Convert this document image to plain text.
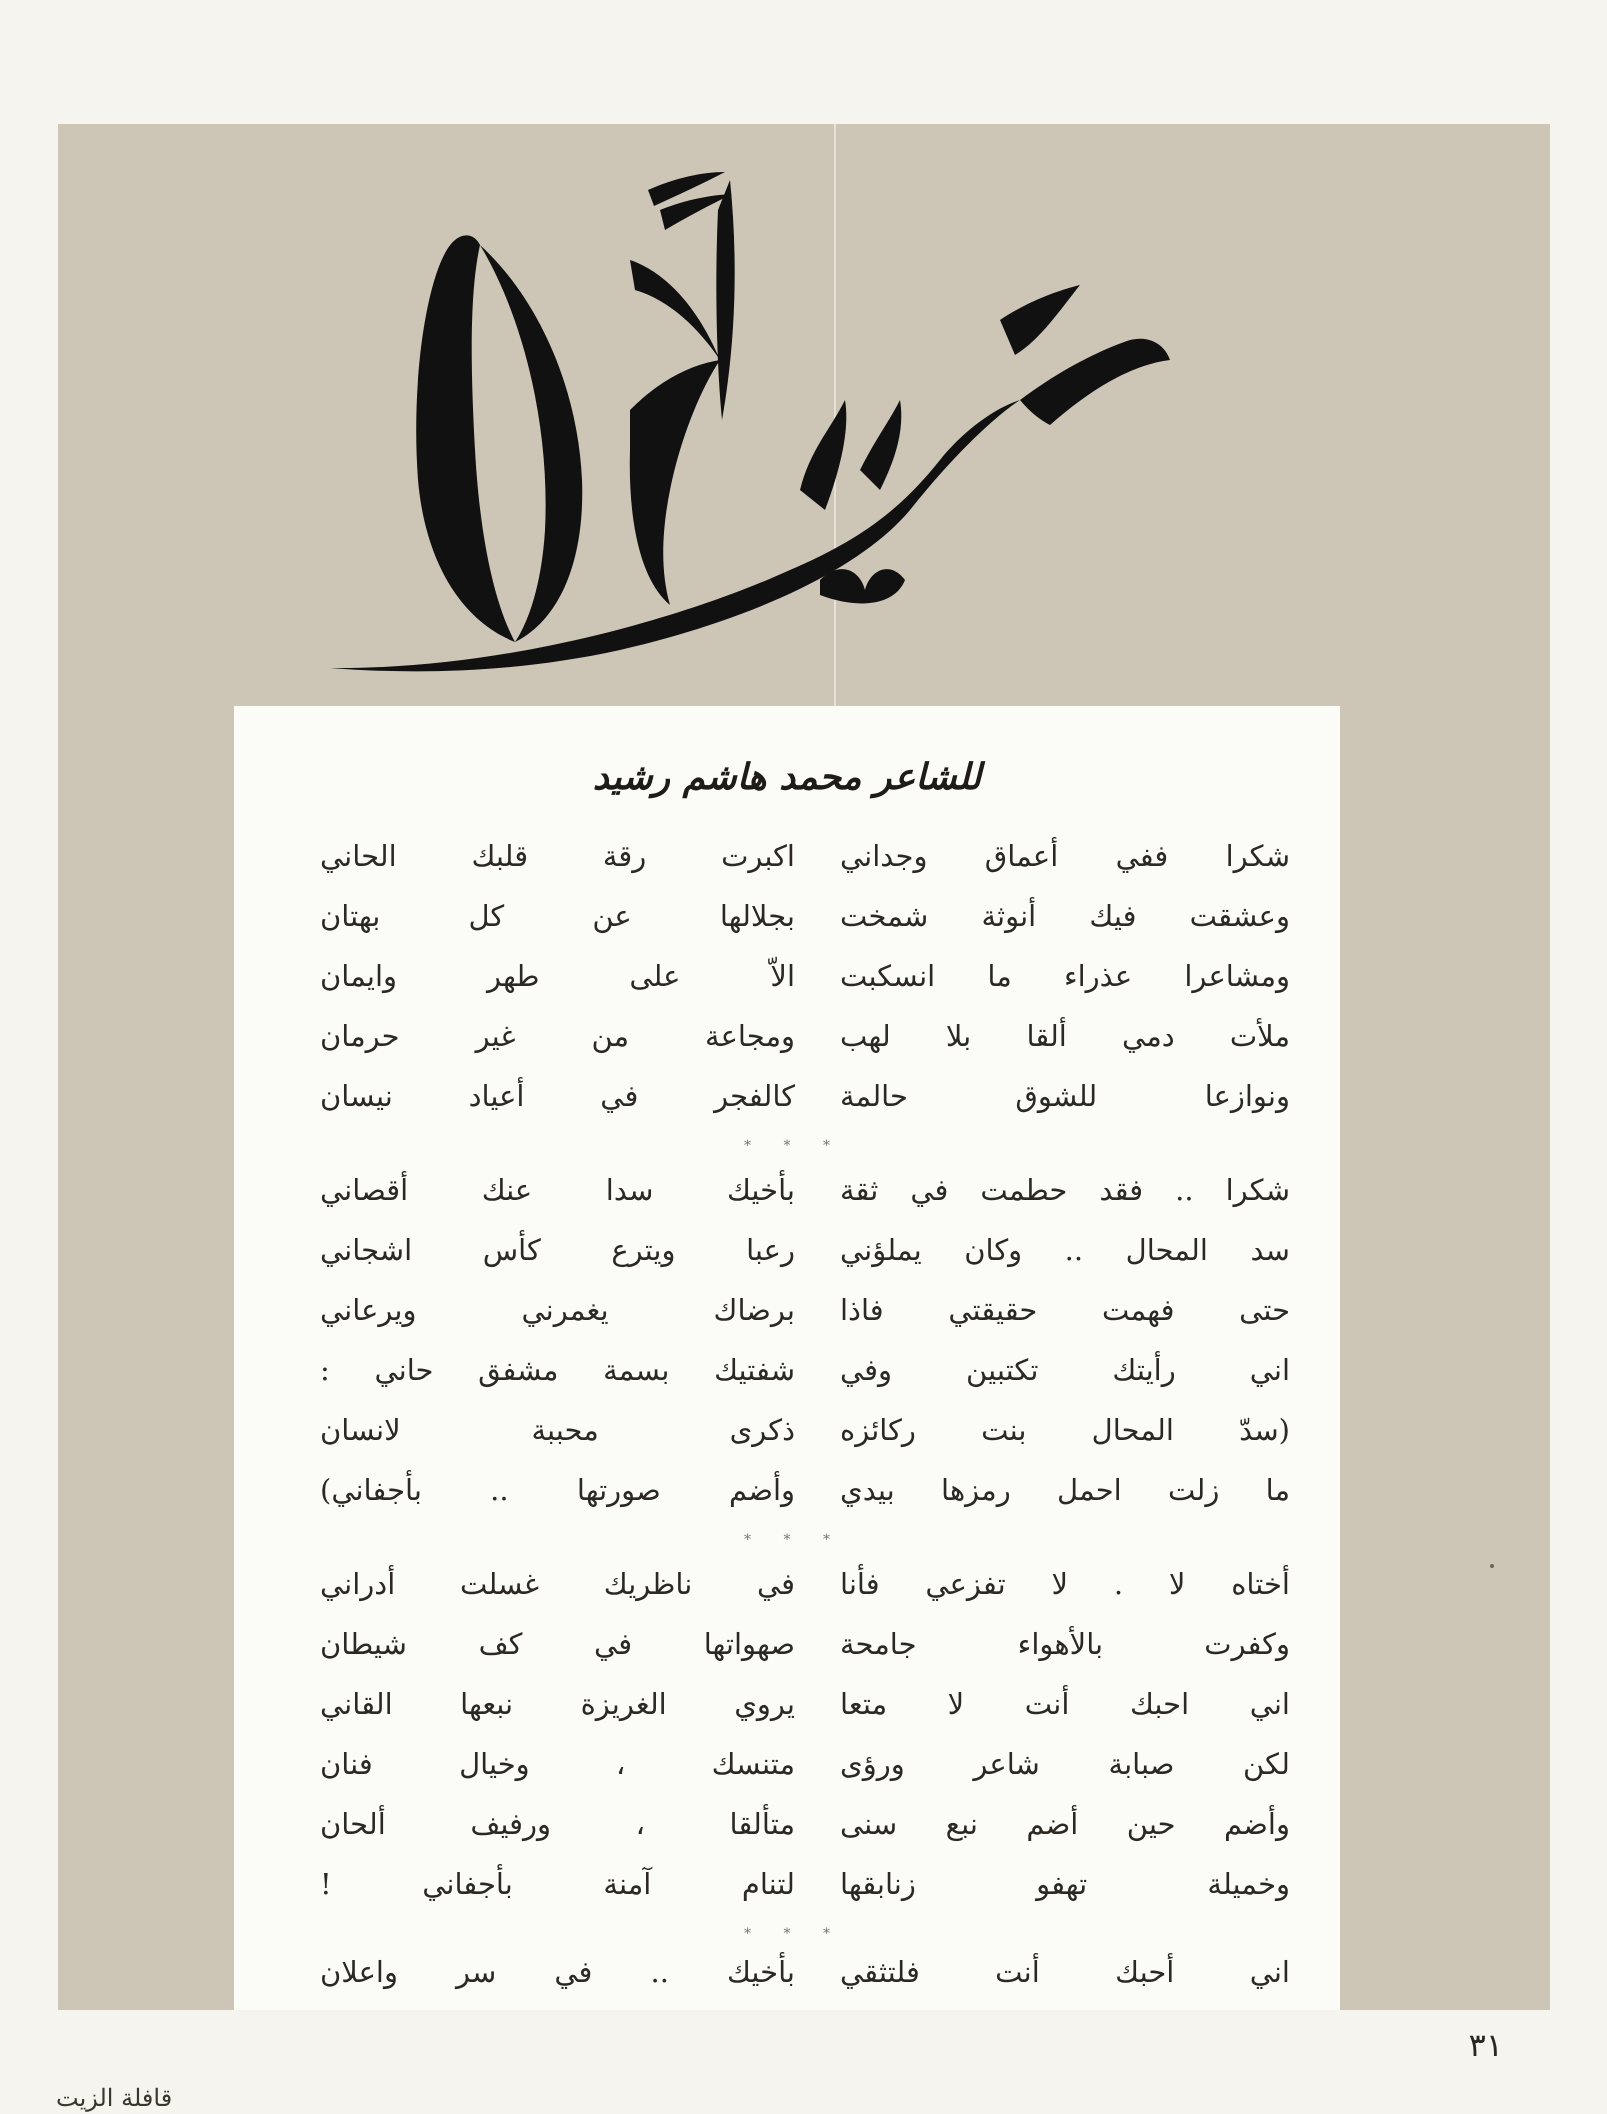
للشاعر محمد هاشم رشيد
شكرا ففي أعماق وجداني
وعشقت فيك أنوثة شمخت
ومشاعرا عذراء ما انسكبت
ملأت دمي ألقا بلا لهب
ونوازعا للشوق حالمة
اكبرت رقة قلبك الحاني
بجلالها عن كل بهتان
الاّ على طهر وايمان
ومجاعة من غير حرمان
كالفجر في أعياد نيسان
* * *
شكرا .. فقد حطمت في ثقة
سد المحال .. وكان يملؤني
حتى فهمت حقيقتي فاذا
اني رأيتك تكتبين وفي
(سدّ المحال بنت ركائزه
ما زلت احمل رمزها بيدي
بأخيك سدا عنك أقصاني
رعبا ويترع كأس اشجاني
برضاك يغمرني ويرعاني
شفتيك بسمة مشفق حاني :
ذكرى محببة لانسان
وأضم صورتها .. بأجفاني)
* * *
أختاه لا . لا تفزعي فأنا
وكفرت بالأهواء جامحة
اني احبك أنت لا متعا
لكن صبابة شاعر ورؤى
وأضم حين أضم نبع سنى
وخميلة تهفو زنابقها
في ناظريك غسلت أدراني
صهواتها في كف شيطان
يروي الغريزة نبعها القاني
متنسك ، وخيال فنان
متألقا ، ورفيف ألحان
لتنام آمنة بأجفاني !
* * *
اني أحبك أنت فلتثقي
بأخيك .. في سر واعلان
٣١
قافلة الزيت
